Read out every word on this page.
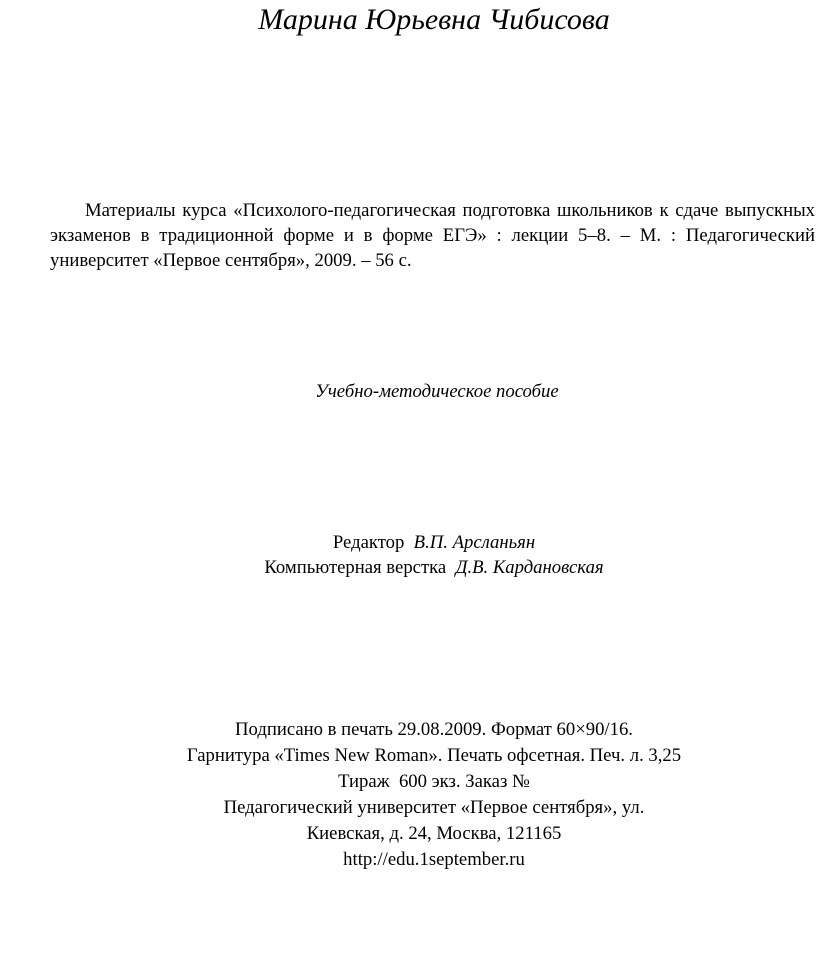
Марина Юрьевна Чибисова

Материалы курса «Психолого-педагогическая подготовка школьников к сдаче выпускных экзаменов в традиционной форме и в форме ЕГЭ» : лекции 5–8. – М. : Педагогический университет «Первое сентября», 2009. – 56 с.

Учебно-методическое пособие
Редактор В.П. Арсланьян
Компьютерная верстка Д.В. Кардановская
Подписано в печать 29.08.2009. Формат 60×90/16.
Гарнитура «Times New Roman». Печать офсетная. Печ. л. 3,25
Тираж  600 экз. Заказ №
Педагогический университет «Первое сентября», ул.
Киевская, д. 24, Москва, 121165
http://edu.1september.ru
